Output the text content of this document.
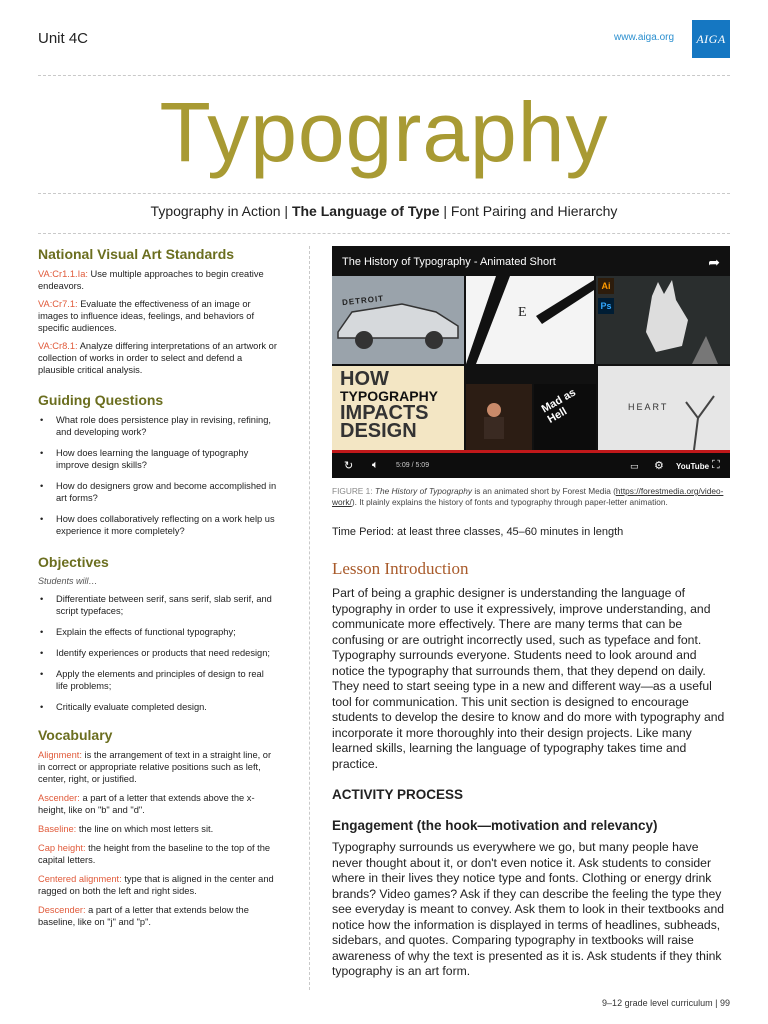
Unit 4C	www.aiga.org	AIGA
Typography
Typography in Action | The Language of Type | Font Pairing and Hierarchy
National Visual Art Standards

VA:Cr1.1.Ia: Use multiple approaches to begin creative endeavors.

VA:Cr7.1: Evaluate the effectiveness of an image or images to influence ideas, feelings, and behaviors of specific audiences.

VA:Cr8.1: Analyze differing interpretations of an artwork or collection of works in order to select and defend a plausible critical analysis.

Guiding Questions
• What role does persistence play in revising, refining, and developing work?
• How does learning the language of typography improve design skills?
• How do designers grow and become accomplished in art forms?
• How does collaboratively reflecting on a work help us experience it more completely?
Objectives
Students will…
• Differentiate between serif, sans serif, slab serif, and script typefaces;
• Explain the effects of functional typography;
• Identify experiences or products that need redesign;
• Apply the elements and principles of design to real life problems;
• Critically evaluate completed design.
Vocabulary

Alignment: is the arrangement of text in a straight line, or in correct or appropriate relative positions such as left, center, right, or justified.

Ascender: a part of a letter that extends above the x-height, like on "b" and "d".

Baseline: the line on which most letters sit.

Cap height: the height from the baseline to the top of the capital letters.

Centered alignment: type that is aligned in the center and ragged on both the left and right sides.

Descender: a part of a letter that extends below the baseline, like on "j" and "p".

The History of Typography - Animated Short	➦
DETROIT
E
Ai
Ps
HOW
TYPOGRAPHY
IMPACTS
DESIGN
Mad as Hell	HEART
↻ 🔈︎ 5:09 / 5:09	▭ ⚙ YouTube ⛶
FIGURE 1: The History of Typography is an animated short by Forest Media (https://forestmedia.org/video-work/). It plainly explains the history of fonts and typography through paper-letter animation.
Time Period: at least three classes, 45–60 minutes in length
Lesson Introduction

Part of being a graphic designer is understanding the language of typography in order to use it expressively, improve understanding, and communicate more effectively. There are many terms that can be confusing or are outright incorrectly used, such as typeface and font. Typography surrounds everyone. Students need to look around and notice the typography that surrounds them, that they depend on daily. They need to start seeing type in a new and different way—as a useful tool for communication. This unit section is designed to encourage students to develop the desire to know and do more with typography and incorporate it more thoroughly into their design projects. Like many learned skills, learning the language of typography takes time and practice.

ACTIVITY PROCESS
Engagement (the hook—motivation and relevancy)

Typography surrounds us everywhere we go, but many people have never thought about it, or don't even notice it. Ask students to consider where in their lives they notice type and fonts. Clothing or energy drink brands? Video games? Ask if they can describe the feeling the type they see everyday is meant to convey. Ask them to look in their textbooks and notice how the information is displayed in terms of headlines, subheads, sidebars, and quotes. Comparing typography in textbooks will raise awareness of why the text is presented as it is. Ask students if they think typography is an art form.

9–12 grade level curriculum | 99
